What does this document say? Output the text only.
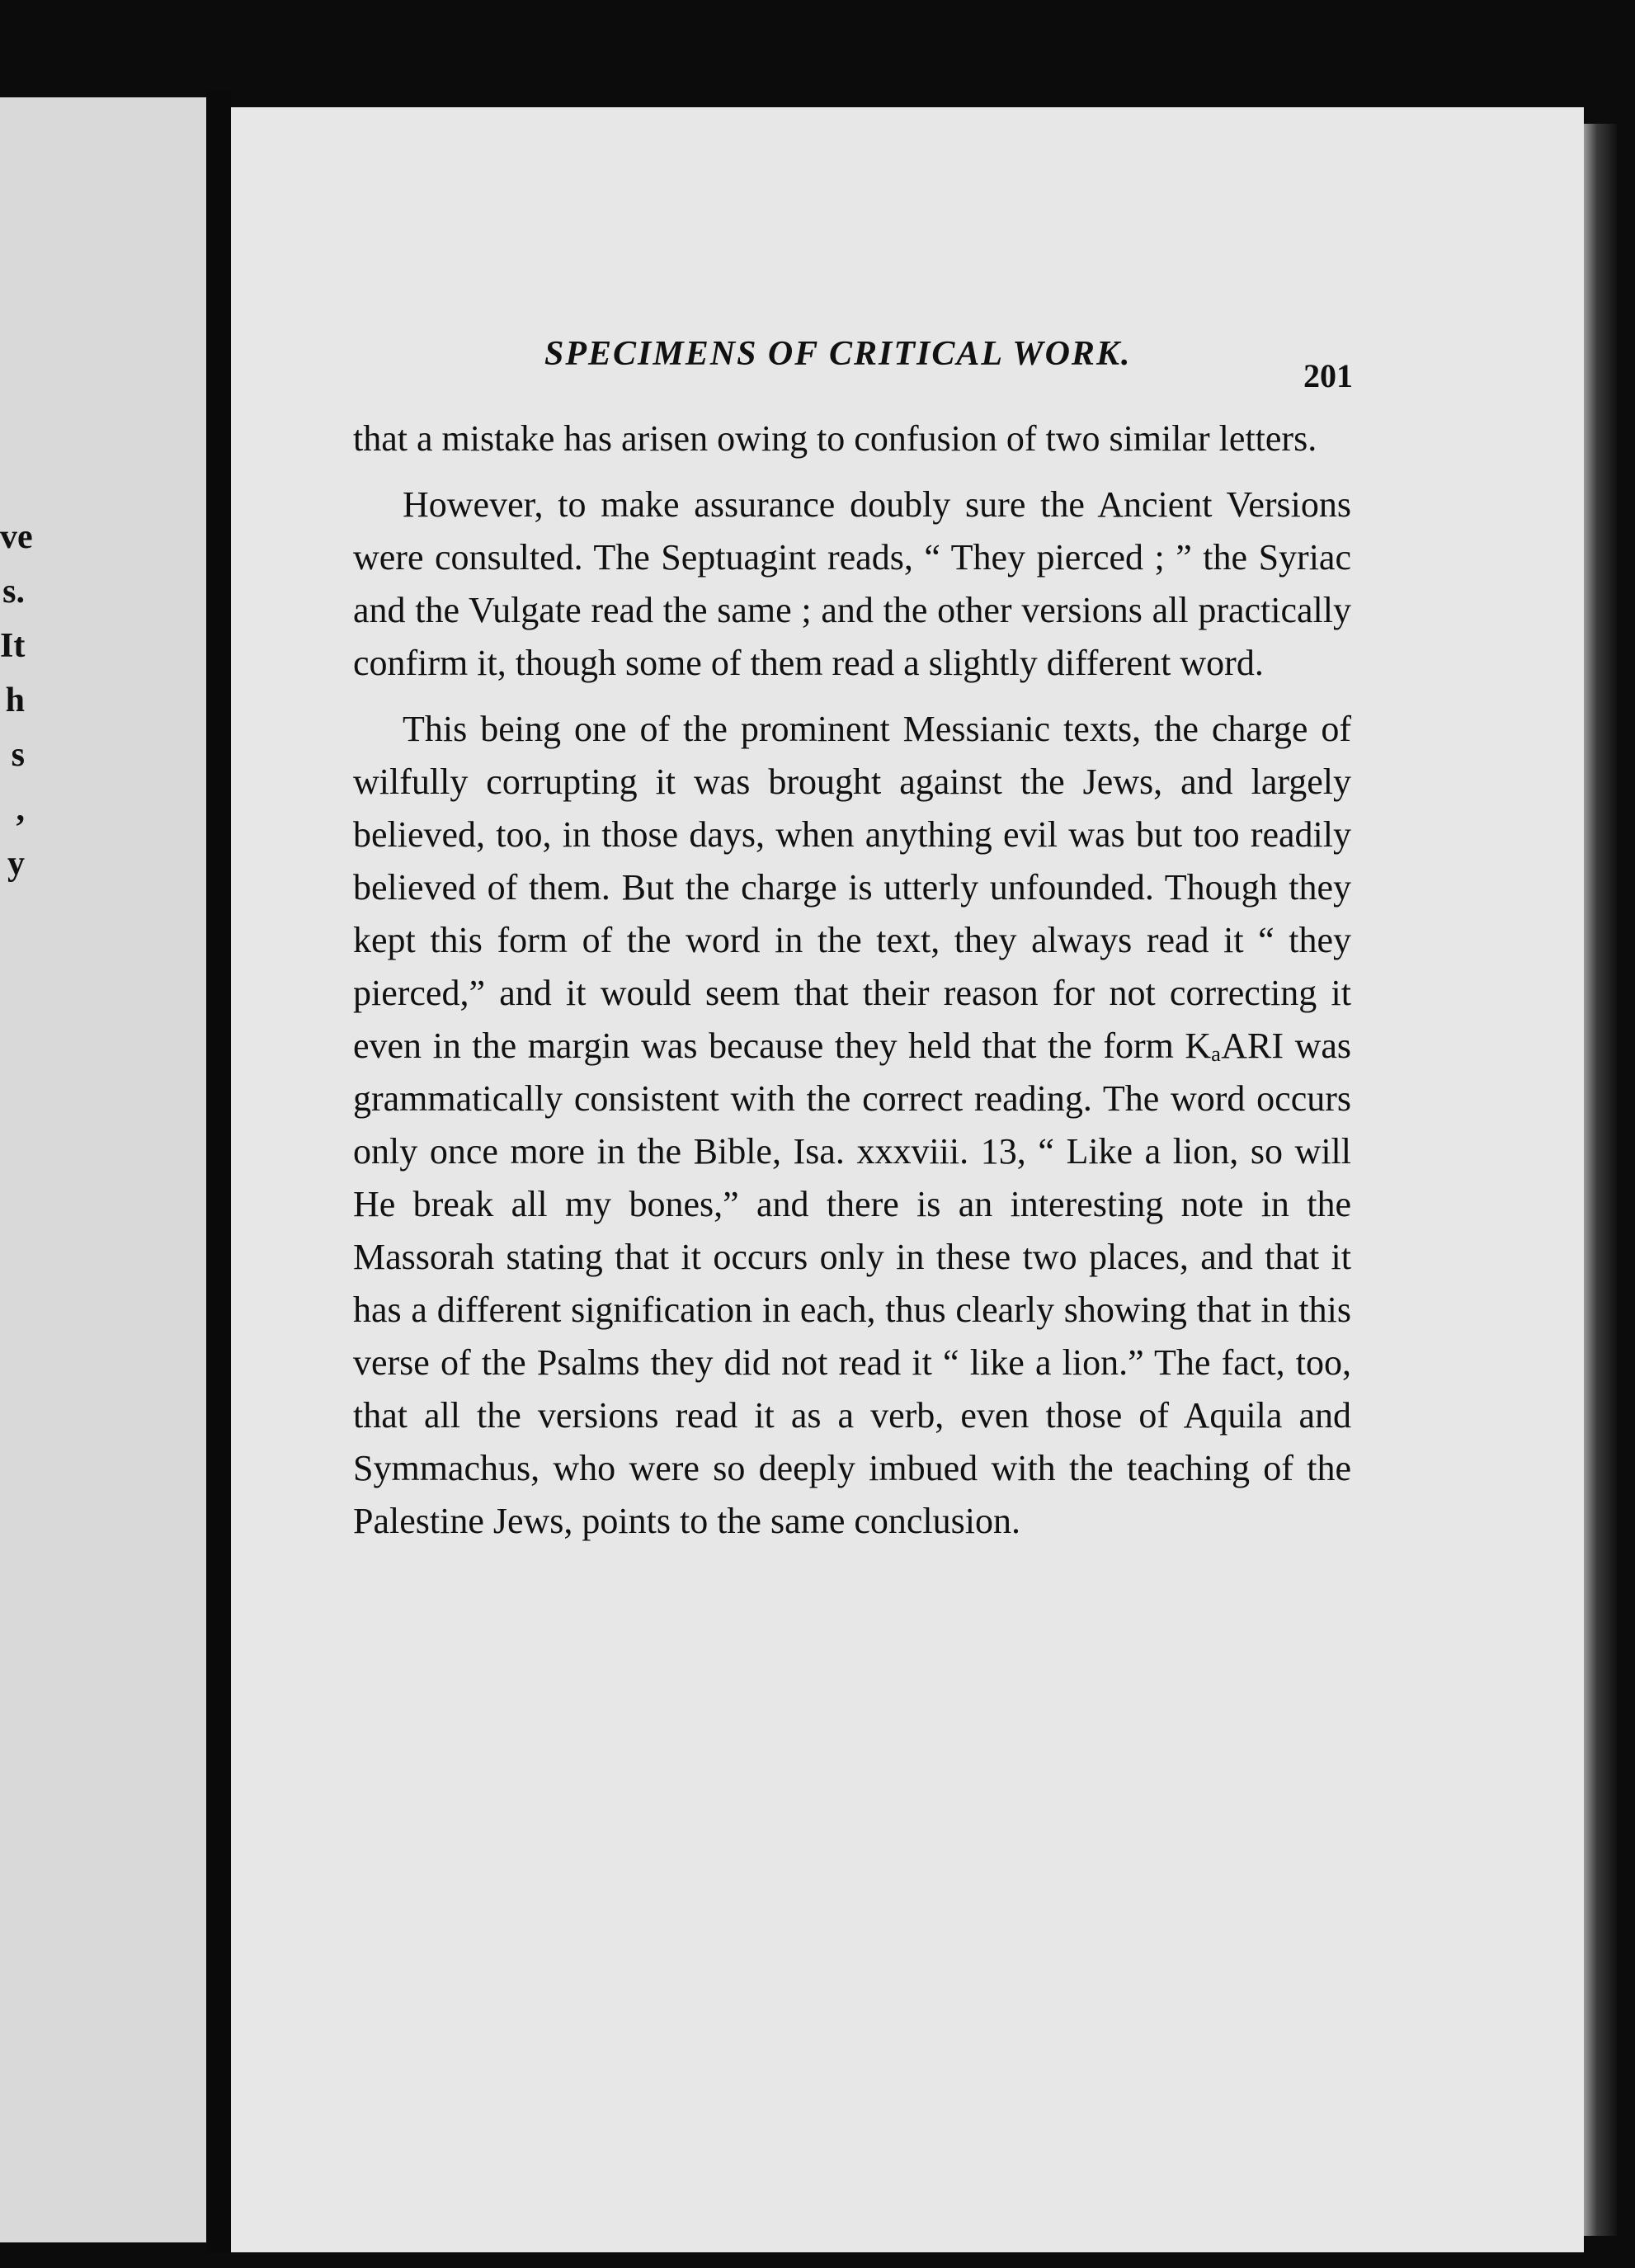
ve
s.
It
h
s
,
y
SPECIMENS OF CRITICAL WORK.
201

that a mistake has arisen owing to confusion of two similar letters.

However, to make assurance doubly sure the Ancient Versions were consulted. The Septuagint reads, “ They pierced ; ” the Syriac and the Vulgate read the same ; and the other versions all practically confirm it, though some of them read a slightly different word.

This being one of the prominent Messianic texts, the charge of wilfully corrupting it was brought against the Jews, and largely believed, too, in those days, when anything evil was but too readily believed of them. But the charge is utterly unfounded. Though they kept this form of the word in the text, they always read it “ they pierced,” and it would seem that their reason for not correcting it even in the margin was because they held that the form KₐARI was grammatically consistent with the correct reading. The word occurs only once more in the Bible, Isa. xxxviii. 13, “ Like a lion, so will He break all my bones,” and there is an interesting note in the Massorah stating that it occurs only in these two places, and that it has a different signification in each, thus clearly showing that in this verse of the Psalms they did not read it “ like a lion.” The fact, too, that all the versions read it as a verb, even those of Aquila and Symmachus, who were so deeply imbued with the teaching of the Palestine Jews, points to the same conclusion.
